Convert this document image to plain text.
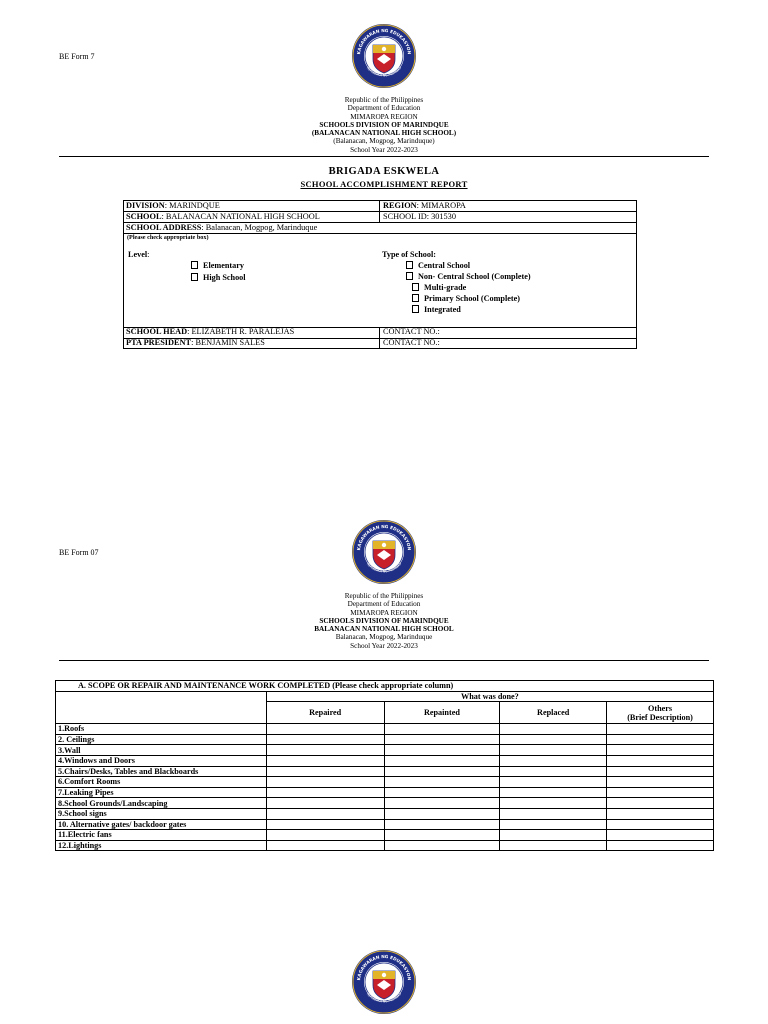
BE Form 7	KAGAWARAN NG EDUKASYON
REPUBLIKA NG PILIPINAS
Republic of the Philippines
Department of Education
MIMAROPA REGION
SCHOOLS DIVISION OF MARINDQUE
(BALANACAN NATIONAL HIGH SCHOOL)
(Balanacan, Mogpog, Marinduque)
School Year 2022-2023
BRIGADA ESKWELA
SCHOOL ACCOMPLISHMENT REPORT
DIVISION: MARINDQUE	REGION: MIMAROPA
SCHOOL: BALANACAN NATIONAL HIGH SCHOOL	SCHOOL ID: 301530
SCHOOL ADDRESS: Balanacan, Mogpog, Marinduque
(Please check appropriate box)
Level:
Elementary
High School
Type of School:
Central School
Non- Central School (Complete)
Multi-grade
Primary School (Complete)
Integrated
SCHOOL HEAD: ELIZABETH R. PARALEJAS	CONTACT NO.:
PTA PRESIDENT: BENJAMIN SALES	CONTACT NO.:
BE Form 07	KAGAWARAN NG EDUKASYON
REPUBLIKA NG PILIPINAS
Republic of the Philippines
Department of Education
MIMAROPA REGION
SCHOOLS DIVISION OF MARINDQUE
BALANACAN NATIONAL HIGH SCHOOL
Balanacan, Mogpog, Marinduque
School Year 2022-2023
A. SCOPE OR REPAIR AND MAINTENANCE WORK COMPLETED (Please check appropriate column)				
	What was done?			
	Repaired	Repainted	Replaced	Others
(Brief Description)

1.Roofs				
2. Ceilings				
3.Wall				
4.Windows and Doors				
5.Chairs/Desks, Tables and Blackboards				
6.Comfort Rooms				
7.Leaking Pipes				
8.School Grounds/Landscaping				
9.School signs				
10. Alternative gates/ backdoor gates				
11.Electric fans				
12.Lightings				
KAGAWARAN NG EDUKASYON
REPUBLIKA NG PILIPINAS
